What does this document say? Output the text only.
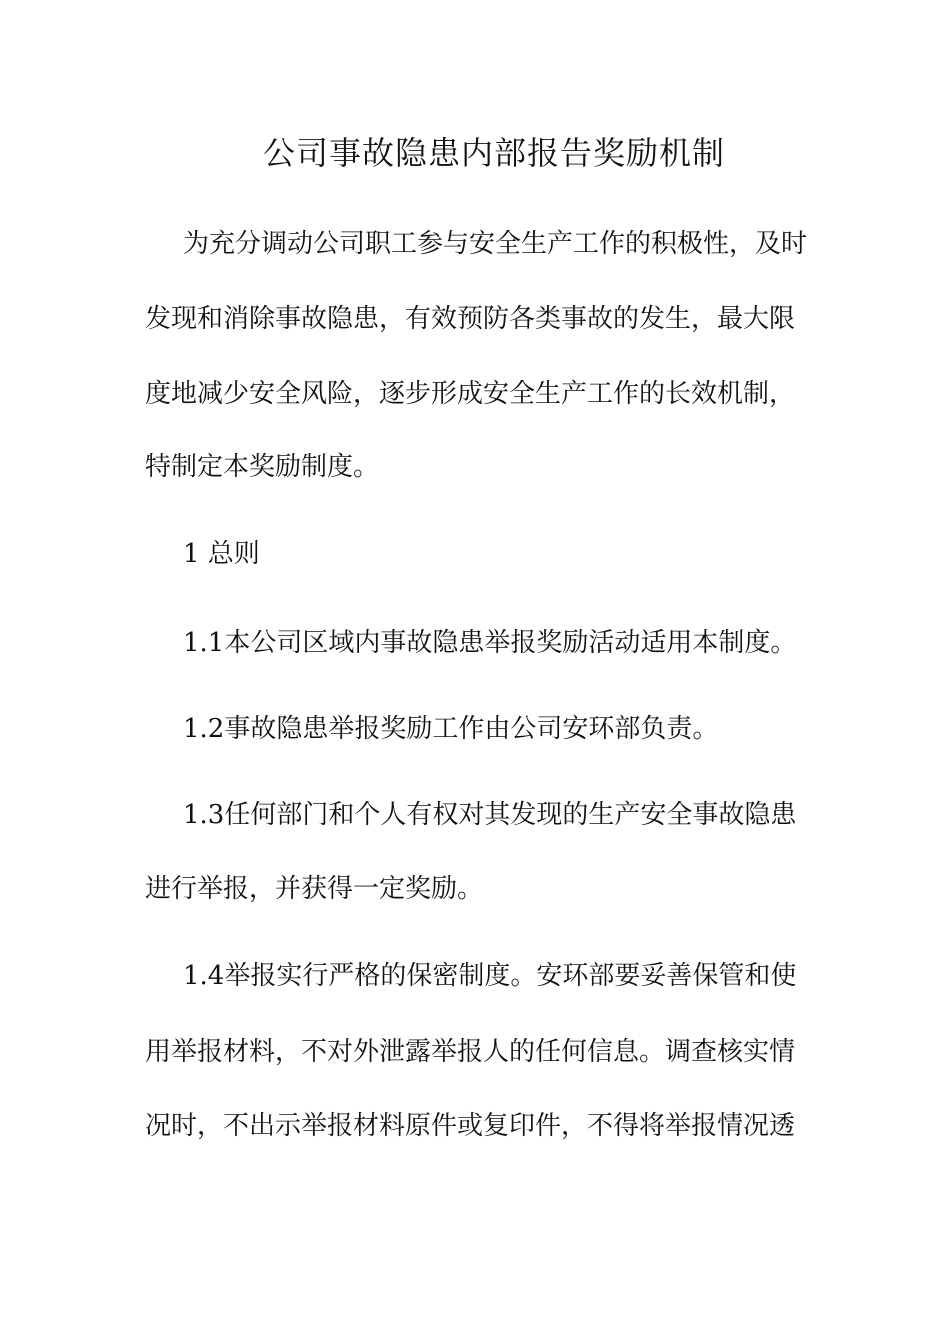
公司事故隐患内部报告奖励机制
为充分调动公司职工参与安全生产工作的积极性，及时
发现和消除事故隐患，有效预防各类事故的发生，最大限
度地减少安全风险，逐步形成安全生产工作的长效机制，
特制定本奖励制度。
1 总则
1.1本公司区域内事故隐患举报奖励活动适用本制度。
1.2事故隐患举报奖励工作由公司安环部负责。
1.3任何部门和个人有权对其发现的生产安全事故隐患
进行举报，并获得一定奖励。
1.4举报实行严格的保密制度。安环部要妥善保管和使
用举报材料，不对外泄露举报人的任何信息。调查核实情
况时，不出示举报材料原件或复印件，不得将举报情况透
